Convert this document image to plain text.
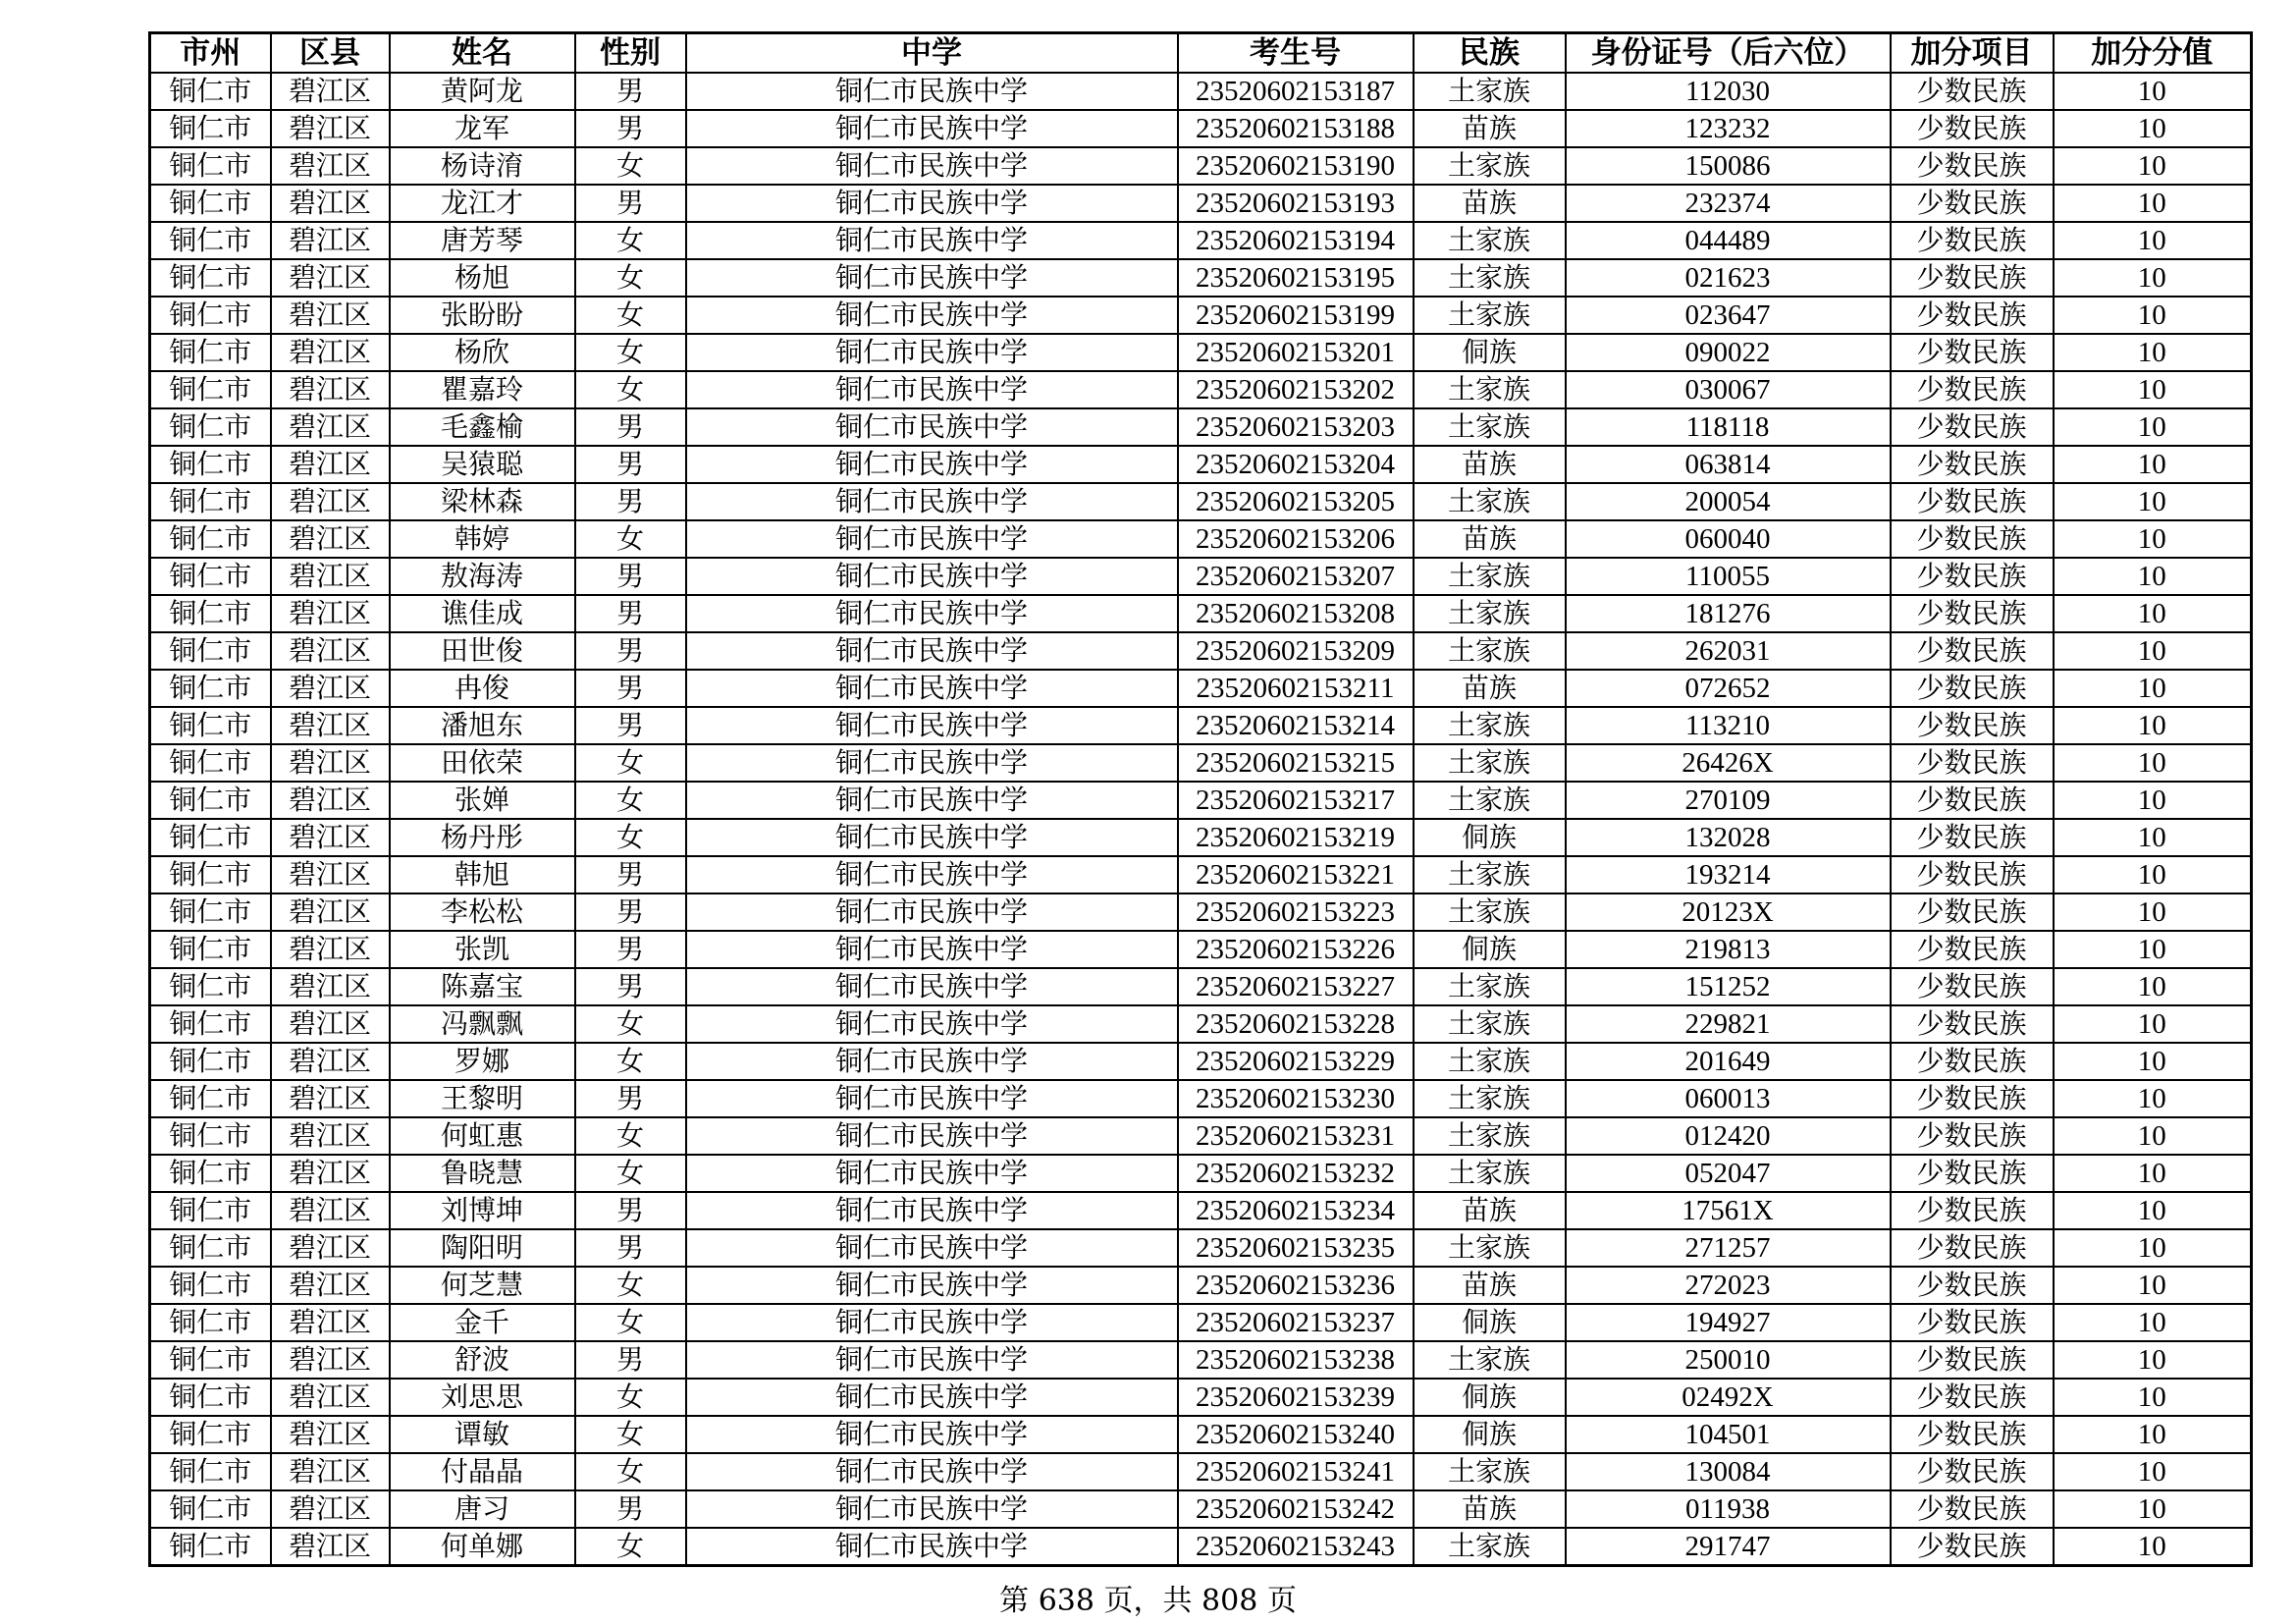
市州	区县	姓名	性别	中学	考生号	民族	身份证号（后六位）	加分项目	加分分值
铜仁市	碧江区	黄阿龙	男	铜仁市民族中学	23520602153187	土家族	112030	少数民族	10
铜仁市	碧江区	龙军	男	铜仁市民族中学	23520602153188	苗族	123232	少数民族	10
铜仁市	碧江区	杨诗淯	女	铜仁市民族中学	23520602153190	土家族	150086	少数民族	10
铜仁市	碧江区	龙江才	男	铜仁市民族中学	23520602153193	苗族	232374	少数民族	10
铜仁市	碧江区	唐芳琴	女	铜仁市民族中学	23520602153194	土家族	044489	少数民族	10
铜仁市	碧江区	杨旭	女	铜仁市民族中学	23520602153195	土家族	021623	少数民族	10
铜仁市	碧江区	张盼盼	女	铜仁市民族中学	23520602153199	土家族	023647	少数民族	10
铜仁市	碧江区	杨欣	女	铜仁市民族中学	23520602153201	侗族	090022	少数民族	10
铜仁市	碧江区	瞿嘉玲	女	铜仁市民族中学	23520602153202	土家族	030067	少数民族	10
铜仁市	碧江区	毛鑫榆	男	铜仁市民族中学	23520602153203	土家族	118118	少数民族	10
铜仁市	碧江区	吴猿聪	男	铜仁市民族中学	23520602153204	苗族	063814	少数民族	10
铜仁市	碧江区	梁林森	男	铜仁市民族中学	23520602153205	土家族	200054	少数民族	10
铜仁市	碧江区	韩婷	女	铜仁市民族中学	23520602153206	苗族	060040	少数民族	10
铜仁市	碧江区	敖海涛	男	铜仁市民族中学	23520602153207	土家族	110055	少数民族	10
铜仁市	碧江区	谯佳成	男	铜仁市民族中学	23520602153208	土家族	181276	少数民族	10
铜仁市	碧江区	田世俊	男	铜仁市民族中学	23520602153209	土家族	262031	少数民族	10
铜仁市	碧江区	冉俊	男	铜仁市民族中学	23520602153211	苗族	072652	少数民族	10
铜仁市	碧江区	潘旭东	男	铜仁市民族中学	23520602153214	土家族	113210	少数民族	10
铜仁市	碧江区	田依荣	女	铜仁市民族中学	23520602153215	土家族	26426X	少数民族	10
铜仁市	碧江区	张婵	女	铜仁市民族中学	23520602153217	土家族	270109	少数民族	10
铜仁市	碧江区	杨丹彤	女	铜仁市民族中学	23520602153219	侗族	132028	少数民族	10
铜仁市	碧江区	韩旭	男	铜仁市民族中学	23520602153221	土家族	193214	少数民族	10
铜仁市	碧江区	李松松	男	铜仁市民族中学	23520602153223	土家族	20123X	少数民族	10
铜仁市	碧江区	张凯	男	铜仁市民族中学	23520602153226	侗族	219813	少数民族	10
铜仁市	碧江区	陈嘉宝	男	铜仁市民族中学	23520602153227	土家族	151252	少数民族	10
铜仁市	碧江区	冯飘飘	女	铜仁市民族中学	23520602153228	土家族	229821	少数民族	10
铜仁市	碧江区	罗娜	女	铜仁市民族中学	23520602153229	土家族	201649	少数民族	10
铜仁市	碧江区	王黎明	男	铜仁市民族中学	23520602153230	土家族	060013	少数民族	10
铜仁市	碧江区	何虹惠	女	铜仁市民族中学	23520602153231	土家族	012420	少数民族	10
铜仁市	碧江区	鲁晓慧	女	铜仁市民族中学	23520602153232	土家族	052047	少数民族	10
铜仁市	碧江区	刘博坤	男	铜仁市民族中学	23520602153234	苗族	17561X	少数民族	10
铜仁市	碧江区	陶阳明	男	铜仁市民族中学	23520602153235	土家族	271257	少数民族	10
铜仁市	碧江区	何芝慧	女	铜仁市民族中学	23520602153236	苗族	272023	少数民族	10
铜仁市	碧江区	金千	女	铜仁市民族中学	23520602153237	侗族	194927	少数民族	10
铜仁市	碧江区	舒波	男	铜仁市民族中学	23520602153238	土家族	250010	少数民族	10
铜仁市	碧江区	刘思思	女	铜仁市民族中学	23520602153239	侗族	02492X	少数民族	10
铜仁市	碧江区	谭敏	女	铜仁市民族中学	23520602153240	侗族	104501	少数民族	10
铜仁市	碧江区	付晶晶	女	铜仁市民族中学	23520602153241	土家族	130084	少数民族	10
铜仁市	碧江区	唐习	男	铜仁市民族中学	23520602153242	苗族	011938	少数民族	10
铜仁市	碧江区	何单娜	女	铜仁市民族中学	23520602153243	土家族	291747	少数民族	10
第 638 页，共 808 页
